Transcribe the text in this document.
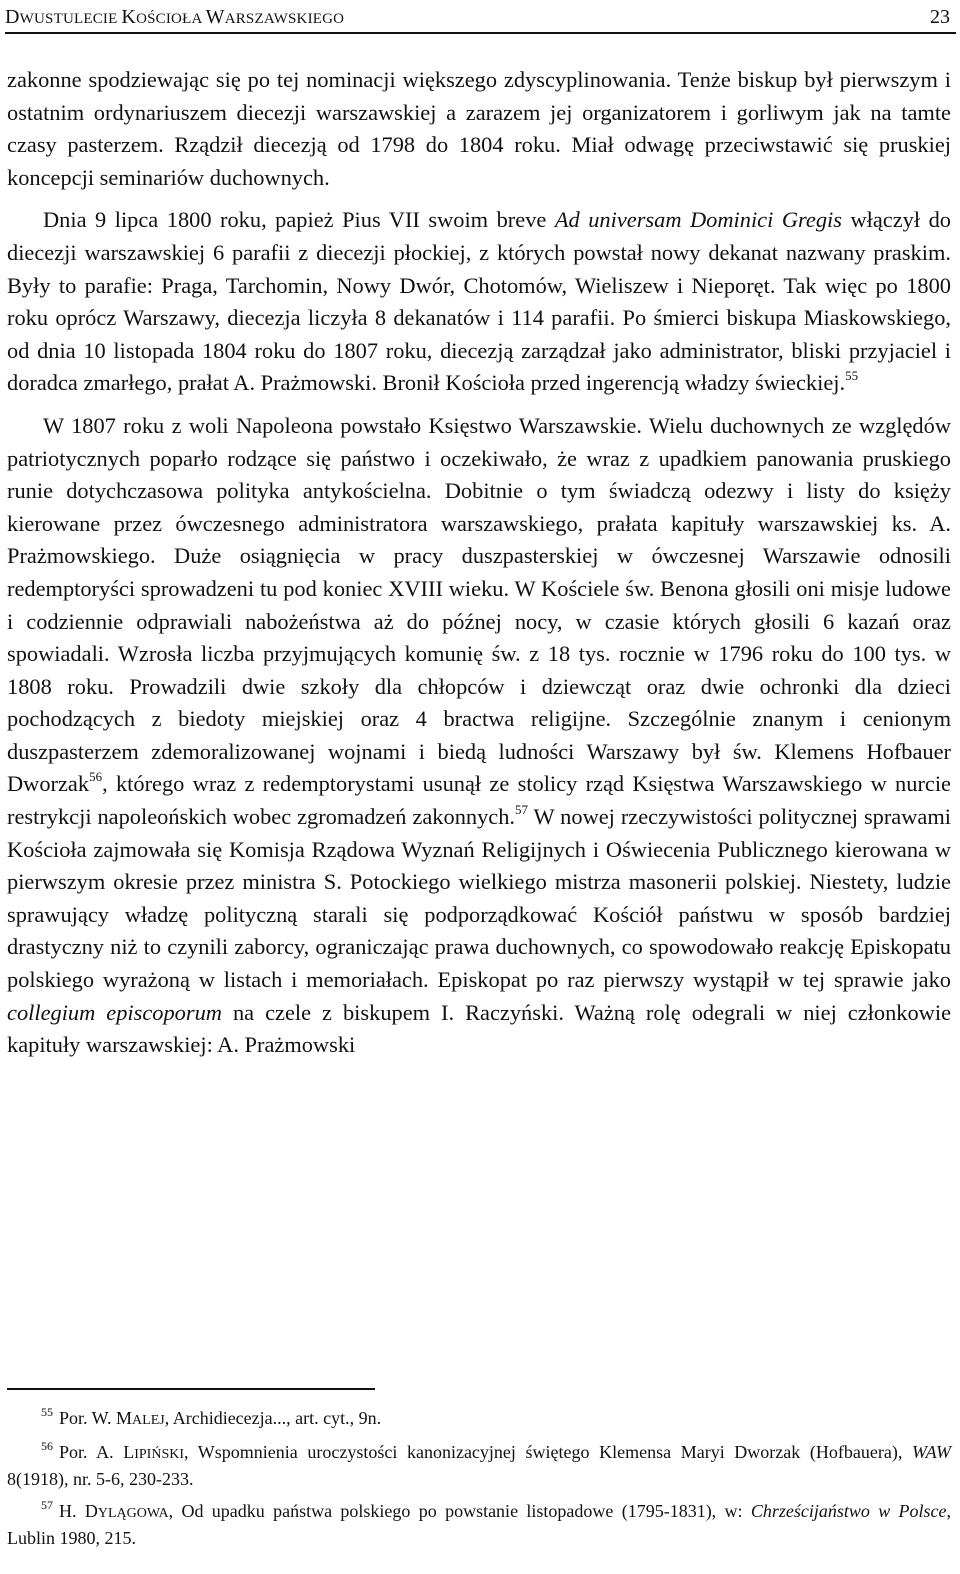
DWUSTULECIE KOŚCIOŁA WARSZAWSKIEGO	23

zakonne spodziewając się po tej nominacji większego zdyscyplinowania. Tenże biskup był pierwszym i ostatnim ordynariuszem diecezji warszawskiej a zarazem jej organizatorem i gorliwym jak na tamte czasy pasterzem. Rządził diecezją od 1798 do 1804 roku. Miał odwagę przeciwstawić się pruskiej koncepcji seminariów duchownych.

Dnia 9 lipca 1800 roku, papież Pius VII swoim breve Ad universam Dominici Gregis włączył do diecezji warszawskiej 6 parafii z diecezji płockiej, z których powstał nowy dekanat nazwany praskim. Były to parafie: Praga, Tarchomin, Nowy Dwór, Chotomów, Wieliszew i Nieporęt. Tak więc po 1800 roku oprócz Warszawy, diecezja liczyła 8 dekanatów i 114 parafii. Po śmierci biskupa Miaskowskiego, od dnia 10 listopada 1804 roku do 1807 roku, diecezją zarządzał jako administrator, bliski przyjaciel i doradca zmarłego, prałat A. Prażmowski. Bronił Kościoła przed ingerencją władzy świeckiej.$^{55}$

W 1807 roku z woli Napoleona powstało Księstwo Warszawskie. Wielu duchownych ze względów patriotycznych poparło rodzące się państwo i oczekiwało, że wraz z upadkiem panowania pruskiego runie dotychczasowa polityka antykościelna. Dobitnie o tym świadczą odezwy i listy do księży kierowane przez ówczesnego administratora warszawskiego, prałata kapituły warszawskiej ks. A. Prażmowskiego. Duże osiągnięcia w pracy duszpasterskiej w ówczesnej Warszawie odnosili redemptoryści sprowadzeni tu pod koniec XVIII wieku. W Kościele św. Benona głosili oni misje ludowe i codziennie odprawiali nabożeństwa aż do późnej nocy, w czasie których głosili 6 kazań oraz spowiadali. Wzrosła liczba przyjmujących komunię św. z 18 tys. rocznie w 1796 roku do 100 tys. w 1808 roku. Prowadzili dwie szkoły dla chłopców i dziewcząt oraz dwie ochronki dla dzieci pochodzących z biedoty miejskiej oraz 4 bractwa religijne. Szczególnie znanym i cenionym duszpasterzem zdemoralizowanej wojnami i biedą ludności Warszawy był św. Klemens Hofbauer Dworzak$^{56}$, którego wraz z redemptorystami usunął ze stolicy rząd Księstwa Warszawskiego w nurcie restrykcji napoleońskich wobec zgromadzeń zakonnych.$^{57}$ W nowej rzeczywistości politycznej sprawami Kościoła zajmowała się Komisja Rządowa Wyznań Religijnych i Oświecenia Publicznego kierowana w pierwszym okresie przez ministra S. Potockiego wielkiego mistrza masonerii polskiej. Niestety, ludzie sprawujący władzę polityczną starali się podporządkować Kościół państwu w sposób bardziej drastyczny niż to czynili zaborcy, ograniczając prawa duchownych, co spowodowało reakcję Episkopatu polskiego wyrażoną w listach i memoriałach. Episkopat po raz pierwszy wystąpił w tej sprawie jako collegium episcoporum na czele z biskupem I. Raczyński. Ważną rolę odegrali w niej członkowie kapituły warszawskiej: A. Prażmowski

$^{55}$ Por. W. MALEJ, Archidiecezja..., art. cyt., 9n.

$^{56}$ Por. A. LIPIŃSKI, Wspomnienia uroczystości kanonizacyjnej świętego Klemensa Maryi Dworzak (Hofbauera), WAW 8(1918), nr. 5-6, 230-233.

$^{57}$ H. DYLĄGOWA, Od upadku państwa polskiego po powstanie listopadowe (1795-1831), w: Chrześcijaństwo w Polsce, Lublin 1980, 215.
